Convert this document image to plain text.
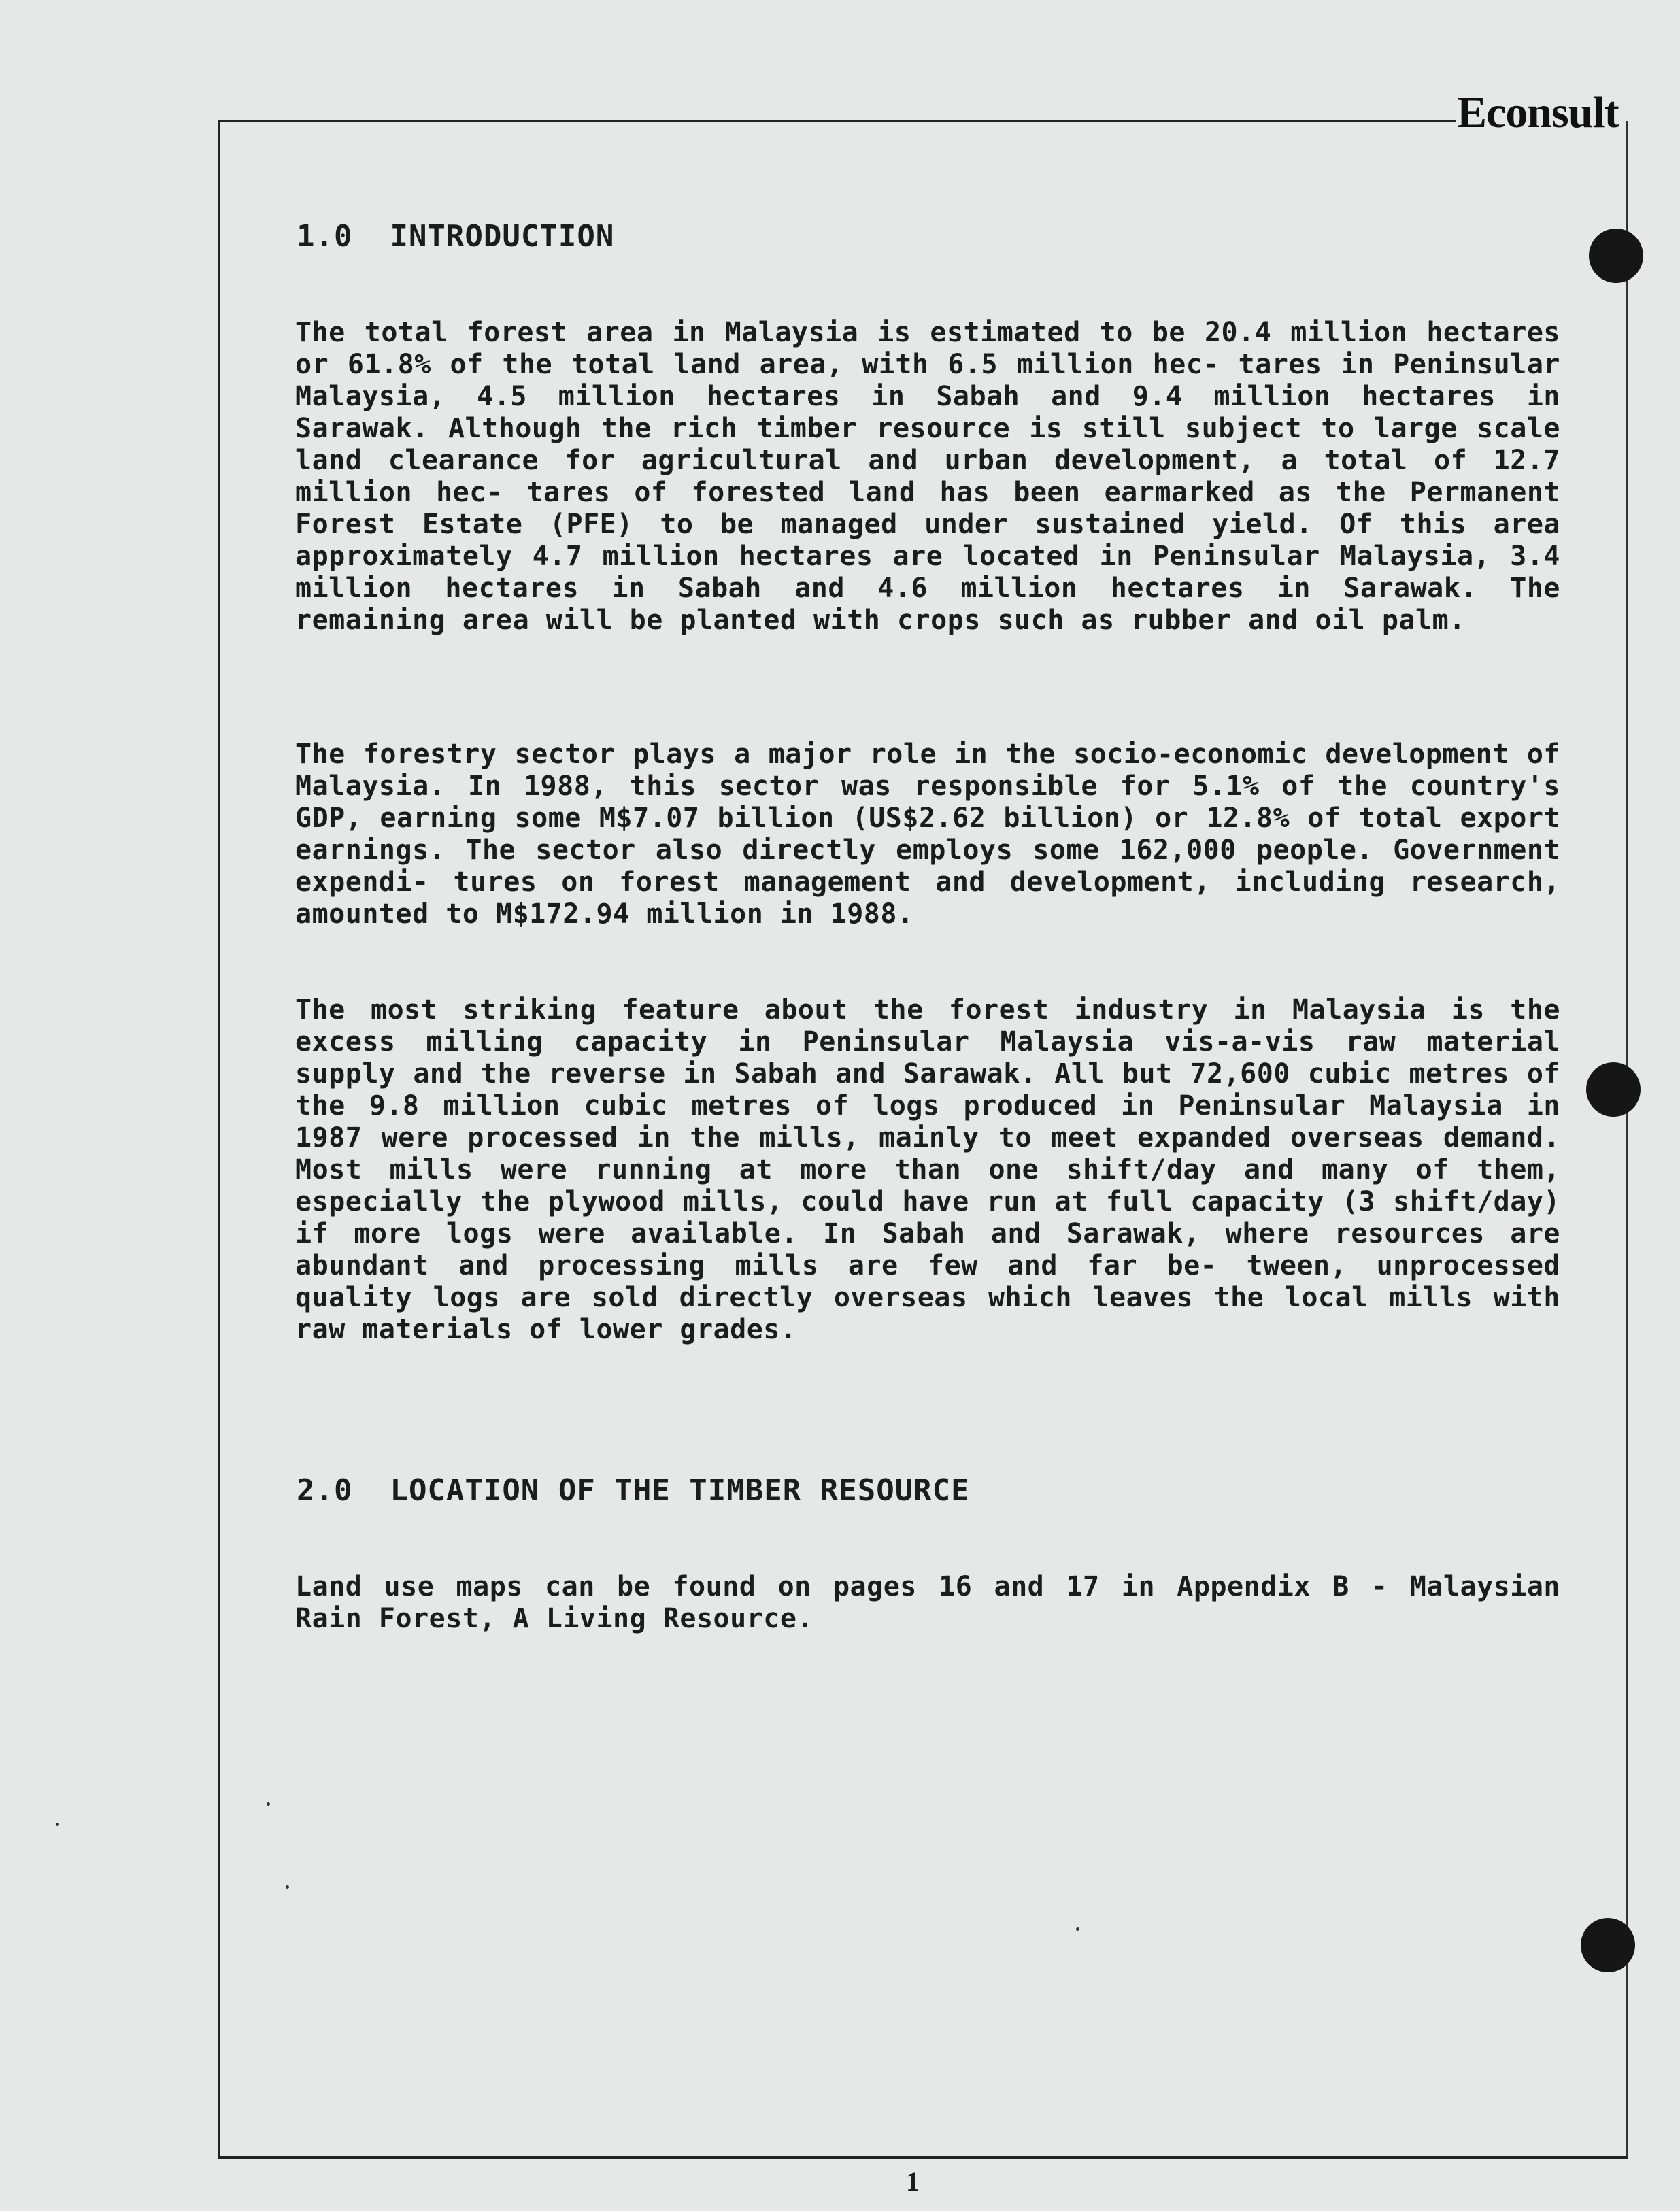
Econsult
1.0  INTRODUCTION

The total forest area in Malaysia is estimated to be 20.4 million hectares or 61.8% of the total land area, with 6.5 million hec- tares in Peninsular Malaysia, 4.5 million hectares in Sabah and 9.4 million hectares in Sarawak. Although the rich timber resource is still subject to large scale land clearance for agricultural and urban development, a total of 12.7 million hec- tares of forested land has been earmarked as the Permanent Forest Estate (PFE) to be managed under sustained yield. Of this area approximately 4.7 million hectares are located in Peninsular Malaysia, 3.4 million hectares in Sabah and 4.6 million hectares in Sarawak. The remaining area will be planted with crops such as rubber and oil palm.

The forestry sector plays a major role in the socio-economic development of Malaysia. In 1988, this sector was responsible for 5.1% of the country's GDP, earning some M$7.07 billion (US$2.62 billion) or 12.8% of total export earnings. The sector also directly employs some 162,000 people. Government expendi- tures on forest management and development, including research, amounted to M$172.94 million in 1988.

The most striking feature about the forest industry in Malaysia is the excess milling capacity in Peninsular Malaysia vis-a-vis raw material supply and the reverse in Sabah and Sarawak. All but 72,600 cubic metres of the 9.8 million cubic metres of logs produced in Peninsular Malaysia in 1987 were processed in the mills, mainly to meet expanded overseas demand. Most mills were running at more than one shift/day and many of them, especially the plywood mills, could have run at full capacity (3 shift/day) if more logs were available. In Sabah and Sarawak, where resources are abundant and processing mills are few and far be- tween, unprocessed quality logs are sold directly overseas which leaves the local mills with raw materials of lower grades.

2.0  LOCATION OF THE TIMBER RESOURCE

Land use maps can be found on pages 16 and 17 in Appendix B - Malaysian Rain Forest, A Living Resource.

1
